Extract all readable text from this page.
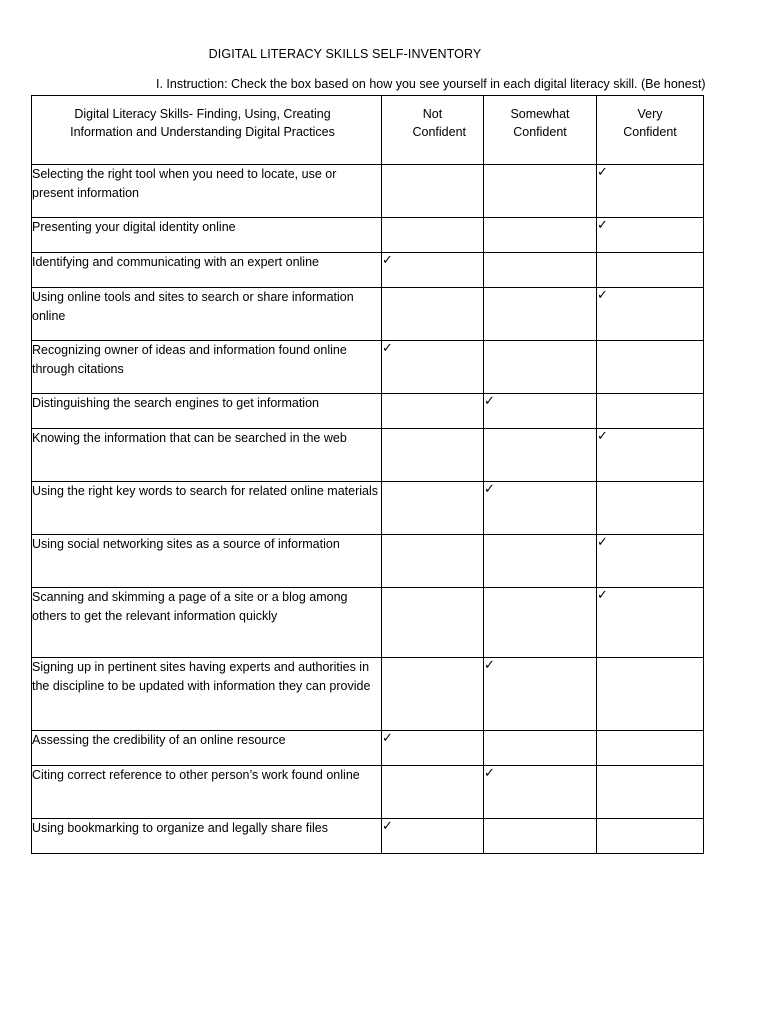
DIGITAL LITERACY SKILLS SELF-INVENTORY
I. Instruction: Check the box based on how you see yourself in each digital literacy skill. (Be honest)
Digital Literacy Skills- Finding, Using, Creating Information and Understanding Digital Practices	Not Confident	Somewhat Confident	Very Confident
Selecting the right tool when you need to locate, use or present information			✓
Presenting your digital identity online			✓
Identifying and communicating with an expert online	✓		
Using online tools and sites to search or share information online			✓
Recognizing owner of ideas and information found online through citations	✓		
Distinguishing the search engines to get information		✓	
Knowing the information that can be searched in the web			✓
Using the right key words to search for related online materials		✓	
Using social networking sites as a source of information			✓
Scanning and skimming a page of a site or a blog among others to get the relevant information quickly			✓
Signing up in pertinent sites having experts and authorities in the discipline to be updated with information they can provide		✓	
Assessing the credibility of an online resource	✓		
Citing correct reference to other person’s work found online		✓	
Using bookmarking to organize and legally share files	✓		
